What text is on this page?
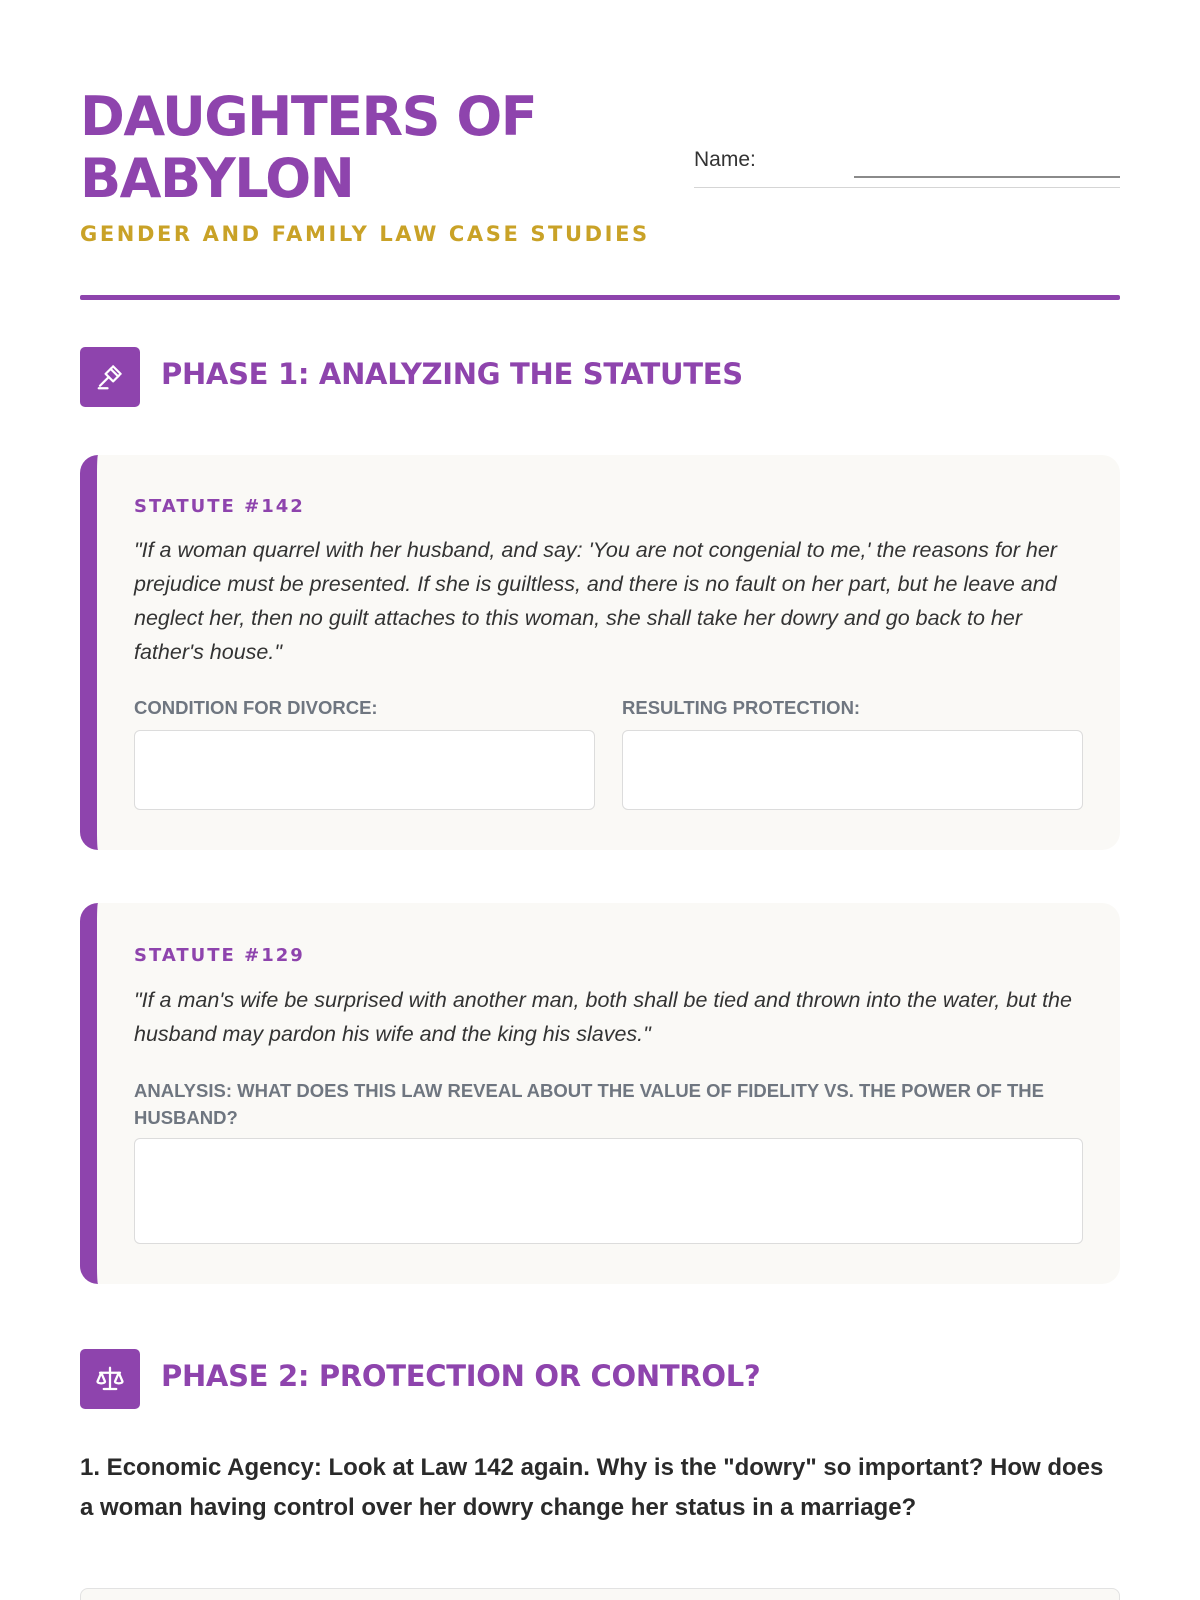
DAUGHTERS OF
BABYLON
GENDER AND FAMILY LAW CASE STUDIES
Name:
PHASE 1: ANALYZING THE STATUTES
STATUTE #142
"If a woman quarrel with her husband, and say: 'You are not congenial to me,' the reasons for her prejudice must be presented. If she is guiltless, and there is no fault on her part, but he leave and neglect her, then no guilt attaches to this woman, she shall take her dowry and go back to her father's house."
CONDITION FOR DIVORCE:	RESULTING PROTECTION:
STATUTE #129
"If a man's wife be surprised with another man, both shall be tied and thrown into the water, but the husband may pardon his wife and the king his slaves."
ANALYSIS: WHAT DOES THIS LAW REVEAL ABOUT THE VALUE OF FIDELITY VS. THE POWER OF THE HUSBAND?
PHASE 2: PROTECTION OR CONTROL?
1. Economic Agency: Look at Law 142 again. Why is the "dowry" so important? How does a woman having control over her dowry change her status in a marriage?
